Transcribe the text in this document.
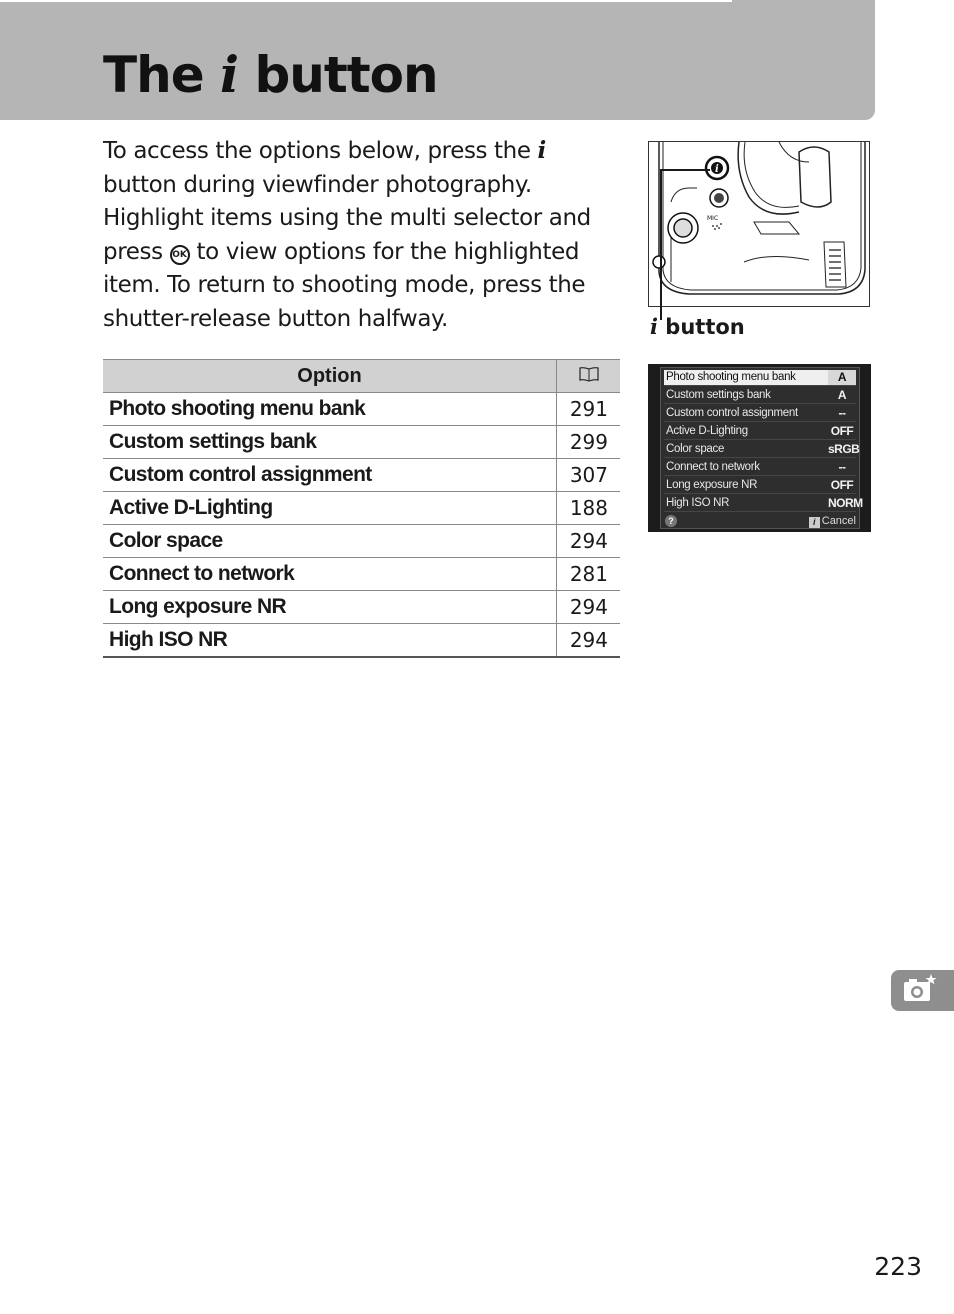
The i button

To access the options below, press the i button during viewfinder photography. Highlight items using the multi selector and press OK to view options for the highlighted item. To return to shooting mode, press the shutter-release button halfway.

i
MIC
i button
Option	
Photo shooting menu bank	291
Custom settings bank	299
Custom control assignment	307
Active D-Lighting	188
Color space	294
Connect to network	281
Long exposure NR	294
High ISO NR	294
Photo shooting menu bank	A
Custom settings bank	A
Custom control assignment	--
Active D-Lighting	OFF
Color space	sRGB
Connect to network	--
Long exposure NR	OFF
High ISO NR	NORM
?	i Cancel
223
